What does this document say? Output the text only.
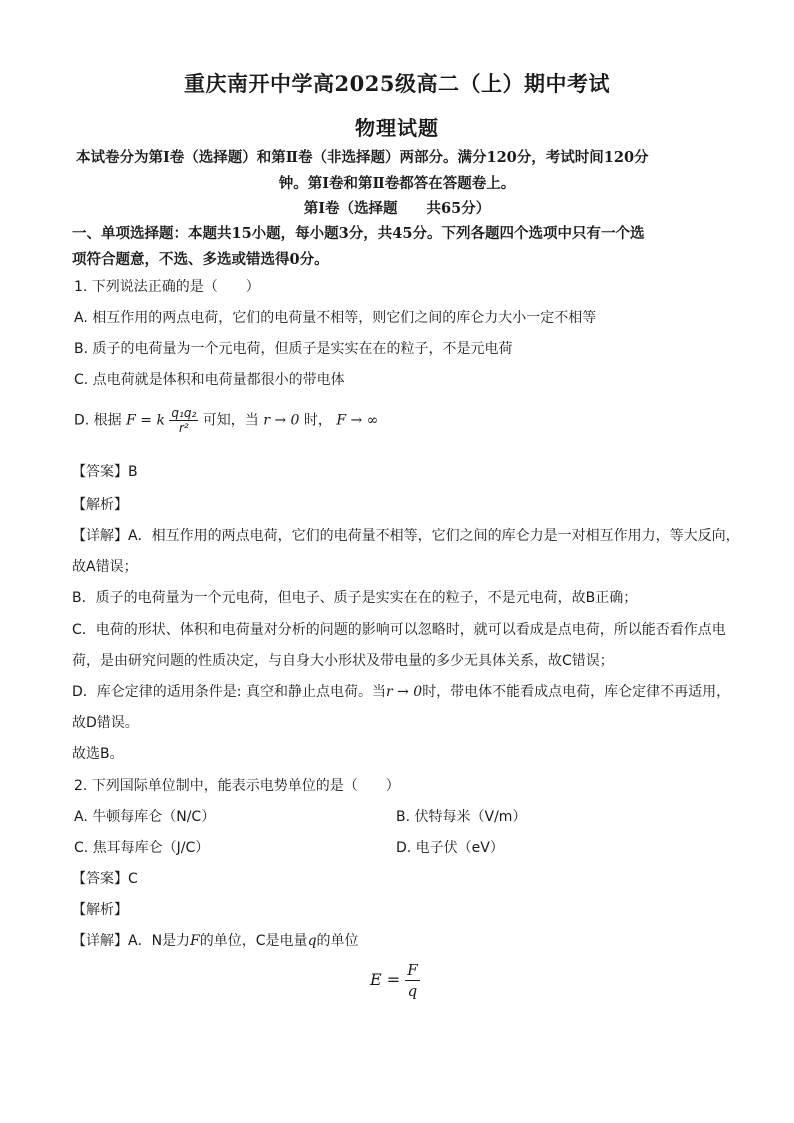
重庆南开中学高2025级高二（上）期中考试
物理试题
本试卷分为第Ⅰ卷（选择题）和第Ⅱ卷（非选择题）两部分。满分120分，考试时间120分
钟。第Ⅰ卷和第Ⅱ卷都答在答题卷上。
第Ⅰ卷（选择题　　共65分）
一、单项选择题：本题共15小题，每小题3分，共45分。下列各题四个选项中只有一个选
项符合题意，不选、多选或错选得0分。
1. 下列说法正确的是（　　）
A. 相互作用的两点电荷，它们的电荷量不相等，则它们之间的库仑力大小一定不相等
B. 质子的电荷量为一个元电荷，但质子是实实在在的粒子，不是元电荷
C. 点电荷就是体积和电荷量都很小的带电体
D. 根据 F = k $\frac{\text{q₁q₂}}{\text{r²}}$ 可知，当 r → 0 时， F → ∞
【答案】B
【解析】
【详解】A．相互作用的两点电荷，它们的电荷量不相等，它们之间的库仑力是一对相互作用力，等大反向，
故A错误；
B．质子的电荷量为一个元电荷，但电子、质子是实实在在的粒子，不是元电荷，故B正确；
C．电荷的形状、体积和电荷量对分析的问题的影响可以忽略时，就可以看成是点电荷，所以能否看作点电
荷，是由研究问题的性质决定，与自身大小形状及带电量的多少无具体关系，故C错误；
D．库仑定律的适用条件是: 真空和静止点电荷。当r → 0时，带电体不能看成点电荷，库仑定律不再适用，
故D错误。
故选B。
2. 下列国际单位制中，能表示电势单位的是（　　）
A. 牛顿每库仑（N/C）	B. 伏特每米（V/m）
C. 焦耳每库仑（J/C）	D. 电子伏（eV）
【答案】C
【解析】
【详解】A．N是力F的单位，C是电量q的单位
$E = \frac{F}{q}$
